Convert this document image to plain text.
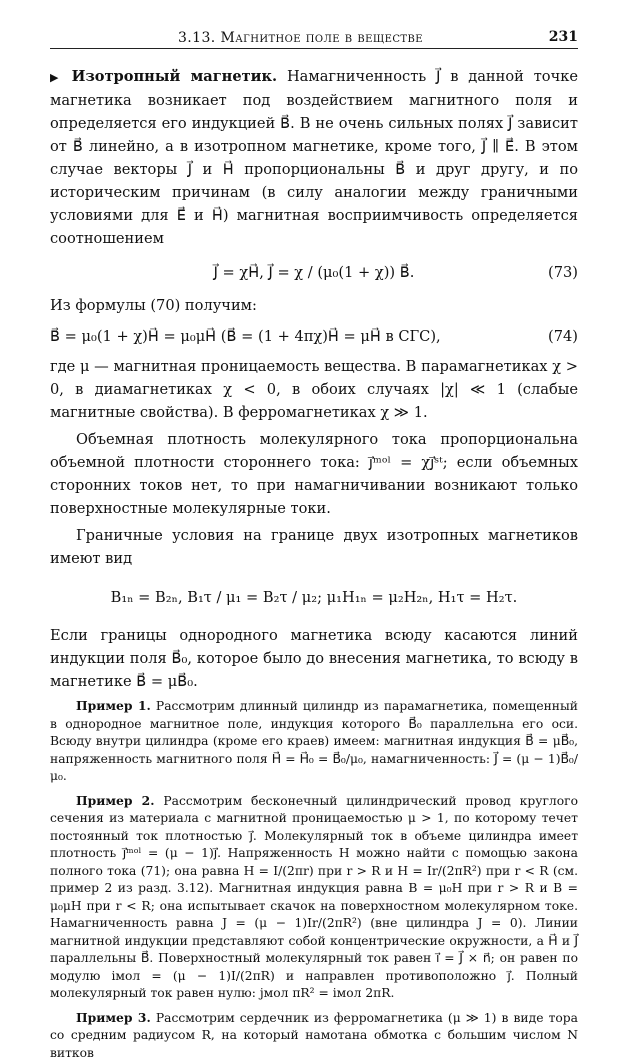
3.13. Магнитное поле в веществе	231

▶ Изотропный магнетик. Намагниченность J⃗ в данной точке магнетика возникает под воздействием магнитного поля и определяется его индукцией B⃗. В не очень сильных полях J⃗ зависит от B⃗ линейно, а в изотропном магнетике, кроме того, J⃗ ∥ E⃗. В этом случае векторы J⃗ и H⃗ пропорциональны B⃗ и друг другу, и по историческим причинам (в силу аналогии между граничными условиями для E⃗ и H⃗) магнитная восприимчивость определяется соотношением

J⃗ = χH⃗, J⃗ = χ / (μ₀(1 + χ)) B⃗.	(73)

Из формулы (70) получим:

B⃗ = μ₀(1 + χ)H⃗ = μ₀μH⃗ (B⃗ = (1 + 4πχ)H⃗ = μH⃗ в СГС),	(74)

где μ — магнитная проницаемость вещества. В парамагнетиках χ > 0, в диамагнетиках χ < 0, в обоих случаях |χ| ≪ 1 (слабые магнитные свойства). В ферромагнетиках χ ≫ 1.

Объемная плотность молекулярного тока пропорциональна объемной плотности стороннего тока: j⃗ᵐᵒˡ = χj⃗ˢᵗ; если объемных сторонних токов нет, то при намагничивании возникают только поверхностные молекулярные токи.

Граничные условия на границе двух изотропных магнетиков имеют вид

B₁ₙ = B₂ₙ, B₁τ / μ₁ = B₂τ / μ₂; μ₁H₁ₙ = μ₂H₂ₙ, H₁τ = H₂τ.

Если границы однородного магнетика всюду касаются линий индукции поля B⃗₀, которое было до внесения магнетика, то всюду в магнетике B⃗ = μB⃗₀.

Пример 1. Рассмотрим длинный цилиндр из парамагнетика, помещенный в однородное магнитное поле, индукция которого B⃗₀ параллельна его оси. Всюду внутри цилиндра (кроме его краев) имеем: магнитная индукция B⃗ = μB⃗₀, напряженность магнитного поля H⃗ = H⃗₀ = B⃗₀/μ₀, намагниченность: J⃗ = (μ − 1)B⃗₀/μ₀.

Пример 2. Рассмотрим бесконечный цилиндрический провод круглого сечения из материала с магнитной проницаемостью μ > 1, по которому течет постоянный ток плотностью j⃗. Молекулярный ток в объеме цилиндра имеет плотность j⃗ᵐᵒˡ = (μ − 1)j⃗. Напряженность H можно найти с помощью закона полного тока (71); она равна H = I/(2πr) при r > R и H = Ir/(2πR²) при r < R (см. пример 2 из разд. 3.12). Магнитная индукция равна B = μ₀H при r > R и B = μ₀μH при r < R; она испытывает скачок на поверхностном молекулярном токе. Намагниченность равна J = (μ − 1)Ir/(2πR²) (вне цилиндра J = 0). Линии магнитной индукции представляют собой концентрические окружности, а H⃗ и J⃗ параллельны B⃗. Поверхностный молекулярный ток равен i⃗ = J⃗ × n⃗; он равен по модулю iмол = (μ − 1)I/(2πR) и направлен противоположно j⃗. Полный молекулярный ток равен нулю: jмол πR² = iмол 2πR.

Пример 3. Рассмотрим сердечник из ферромагнетика (μ ≫ 1) в виде тора со средним радиусом R, на который намотана обмотка с большим числом N витков
